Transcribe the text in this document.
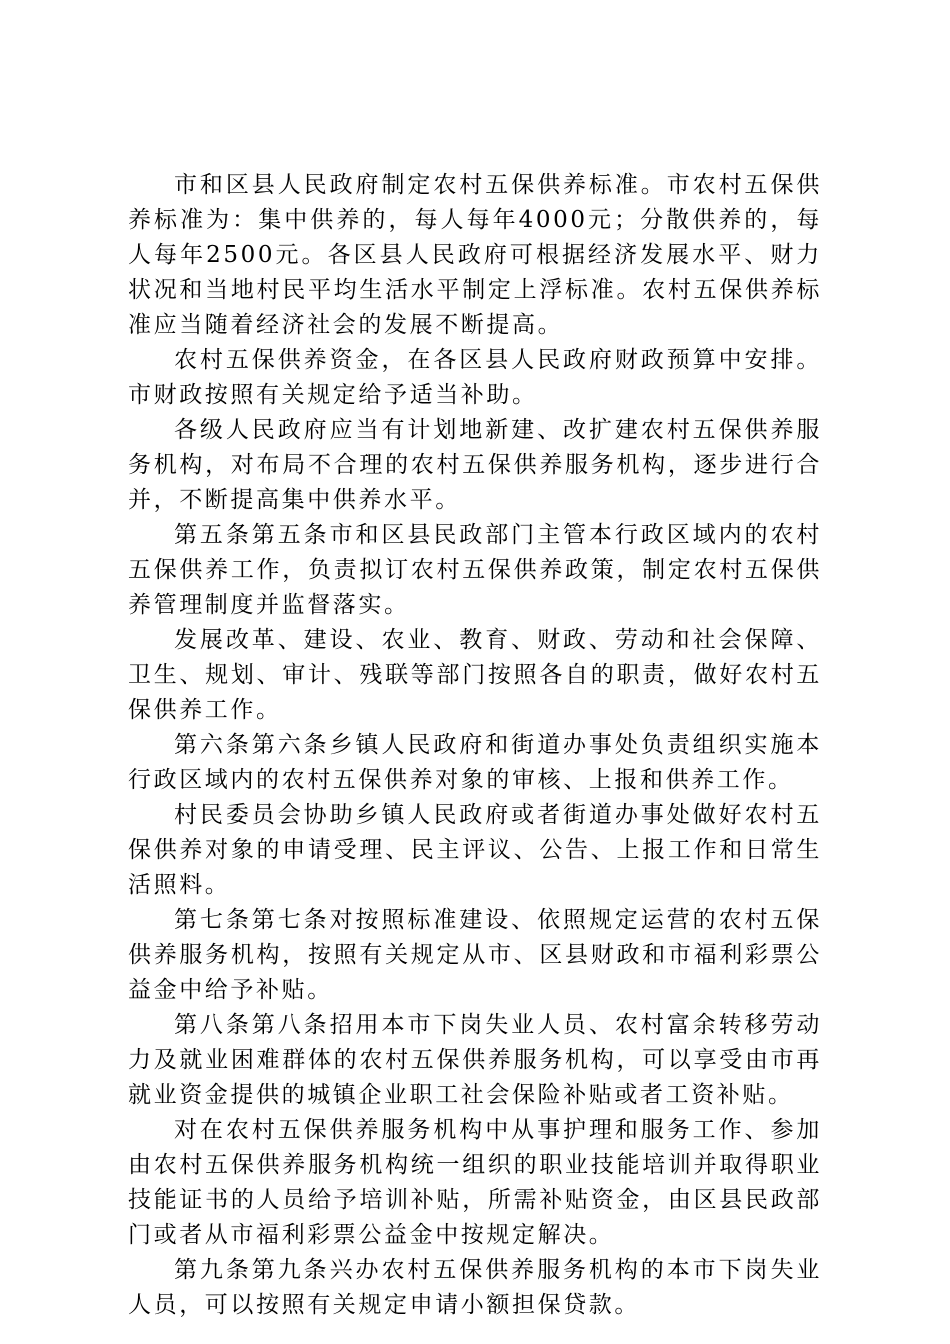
市和区县人民政府制定农村五保供养标准。市农村五保供养标准为：集中供养的，每人每年4000元；分散供养的，每人每年2500元。各区县人民政府可根据经济发展水平、财力状况和当地村民平均生活水平制定上浮标准。农村五保供养标准应当随着经济社会的发展不断提高。

农村五保供养资金，在各区县人民政府财政预算中安排。市财政按照有关规定给予适当补助。

各级人民政府应当有计划地新建、改扩建农村五保供养服务机构，对布局不合理的农村五保供养服务机构，逐步进行合并，不断提高集中供养水平。

第五条第五条市和区县民政部门主管本行政区域内的农村五保供养工作，负责拟订农村五保供养政策，制定农村五保供养管理制度并监督落实。

发展改革、建设、农业、教育、财政、劳动和社会保障、卫生、规划、审计、残联等部门按照各自的职责，做好农村五保供养工作。

第六条第六条乡镇人民政府和街道办事处负责组织实施本行政区域内的农村五保供养对象的审核、上报和供养工作。

村民委员会协助乡镇人民政府或者街道办事处做好农村五保供养对象的申请受理、民主评议、公告、上报工作和日常生活照料。

第七条第七条对按照标准建设、依照规定运营的农村五保供养服务机构，按照有关规定从市、区县财政和市福利彩票公益金中给予补贴。

第八条第八条招用本市下岗失业人员、农村富余转移劳动力及就业困难群体的农村五保供养服务机构，可以享受由市再就业资金提供的城镇企业职工社会保险补贴或者工资补贴。

对在农村五保供养服务机构中从事护理和服务工作、参加由农村五保供养服务机构统一组织的职业技能培训并取得职业技能证书的人员给予培训补贴，所需补贴资金，由区县民政部门或者从市福利彩票公益金中按规定解决。

第九条第九条兴办农村五保供养服务机构的本市下岗失业人员，可以按照有关规定申请小额担保贷款。
